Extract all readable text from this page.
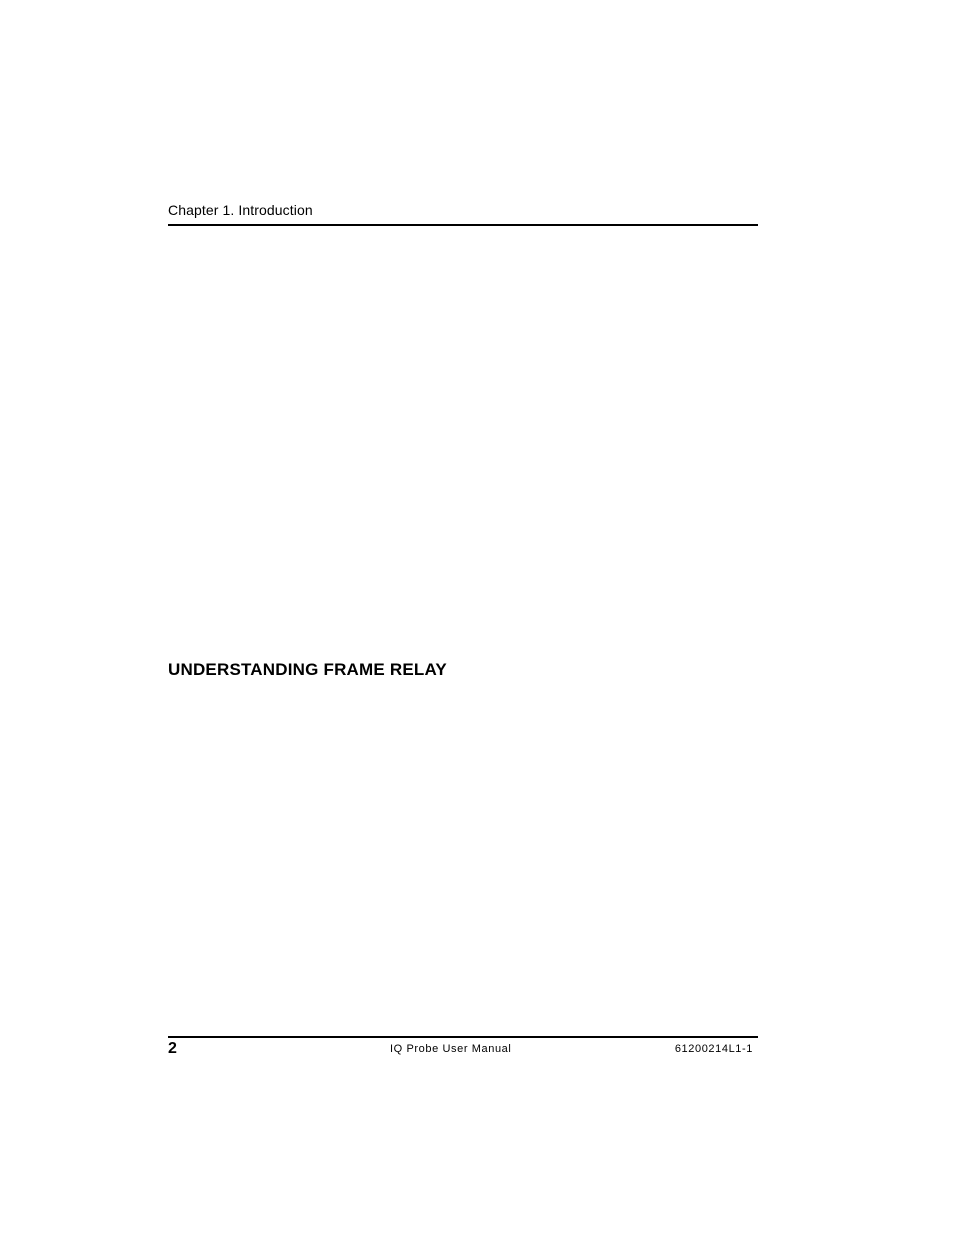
Chapter 1. Introduction
UNDERSTANDING FRAME RELAY
2	IQ Probe User Manual	61200214L1-1
